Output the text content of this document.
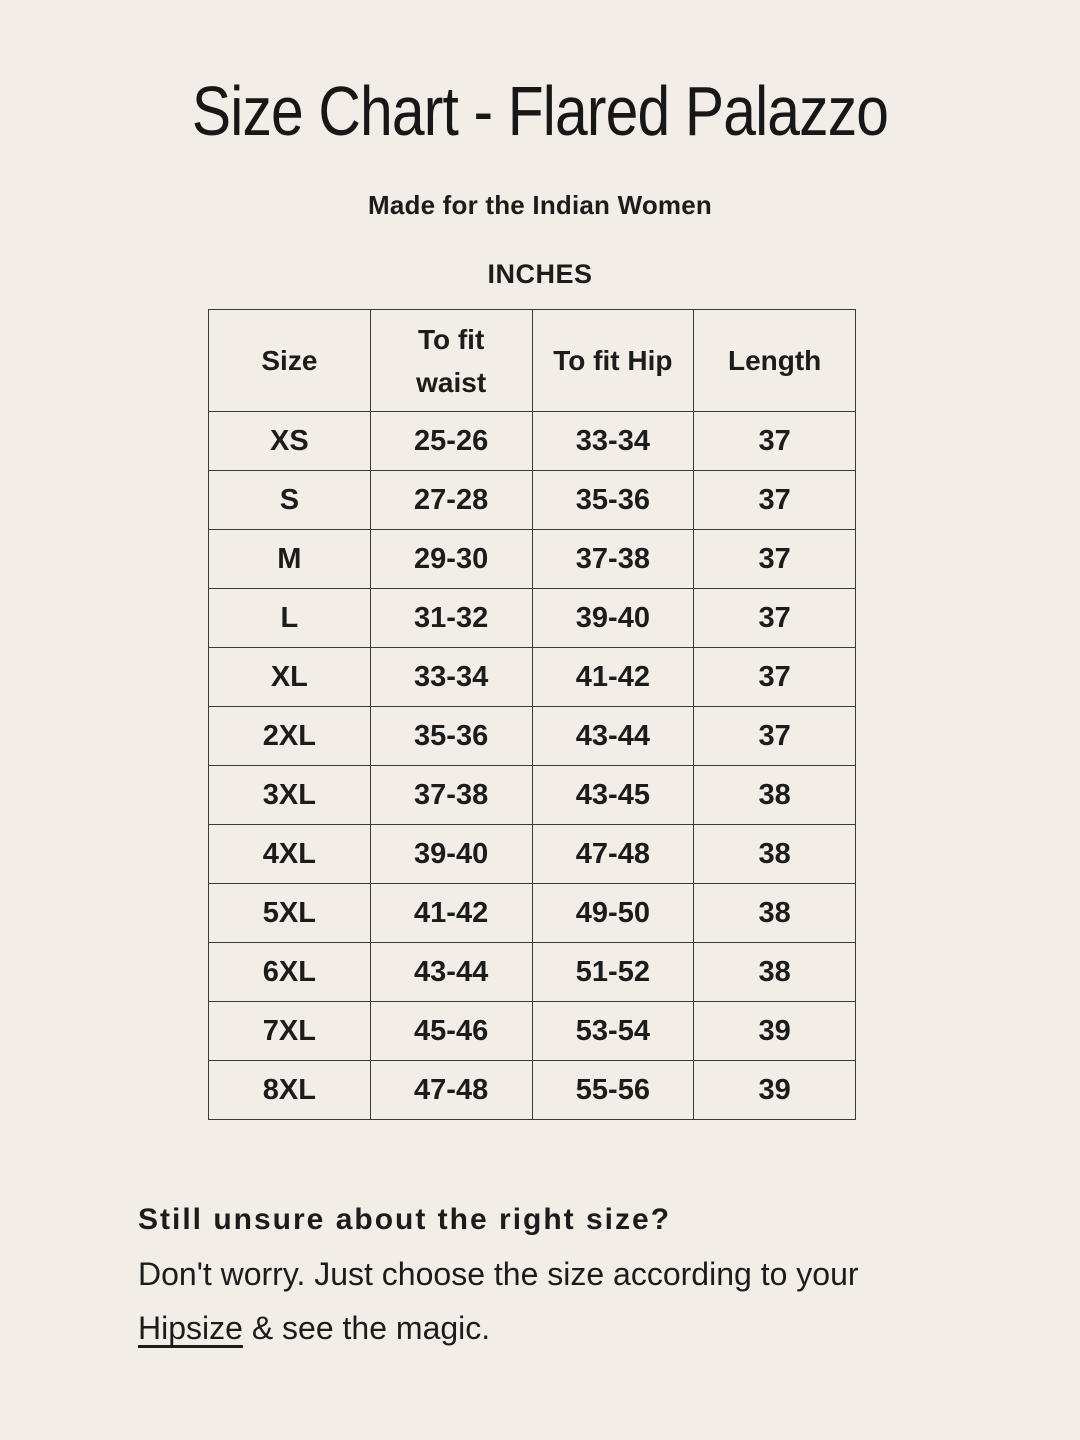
Size Chart - Flared Palazzo

Made for the Indian Women

INCHES

Size	To fit waist	To fit Hip	Length
XS	25-26	33-34	37
S	27-28	35-36	37
M	29-30	37-38	37
L	31-32	39-40	37
XL	33-34	41-42	37
2XL	35-36	43-44	37
3XL	37-38	43-45	38
4XL	39-40	47-48	38
5XL	41-42	49-50	38
6XL	43-44	51-52	38
7XL	45-46	53-54	39
8XL	47-48	55-56	39

Still unsure about the right size?

Don't worry. Just choose the size according to your

Hipsize & see the magic.
